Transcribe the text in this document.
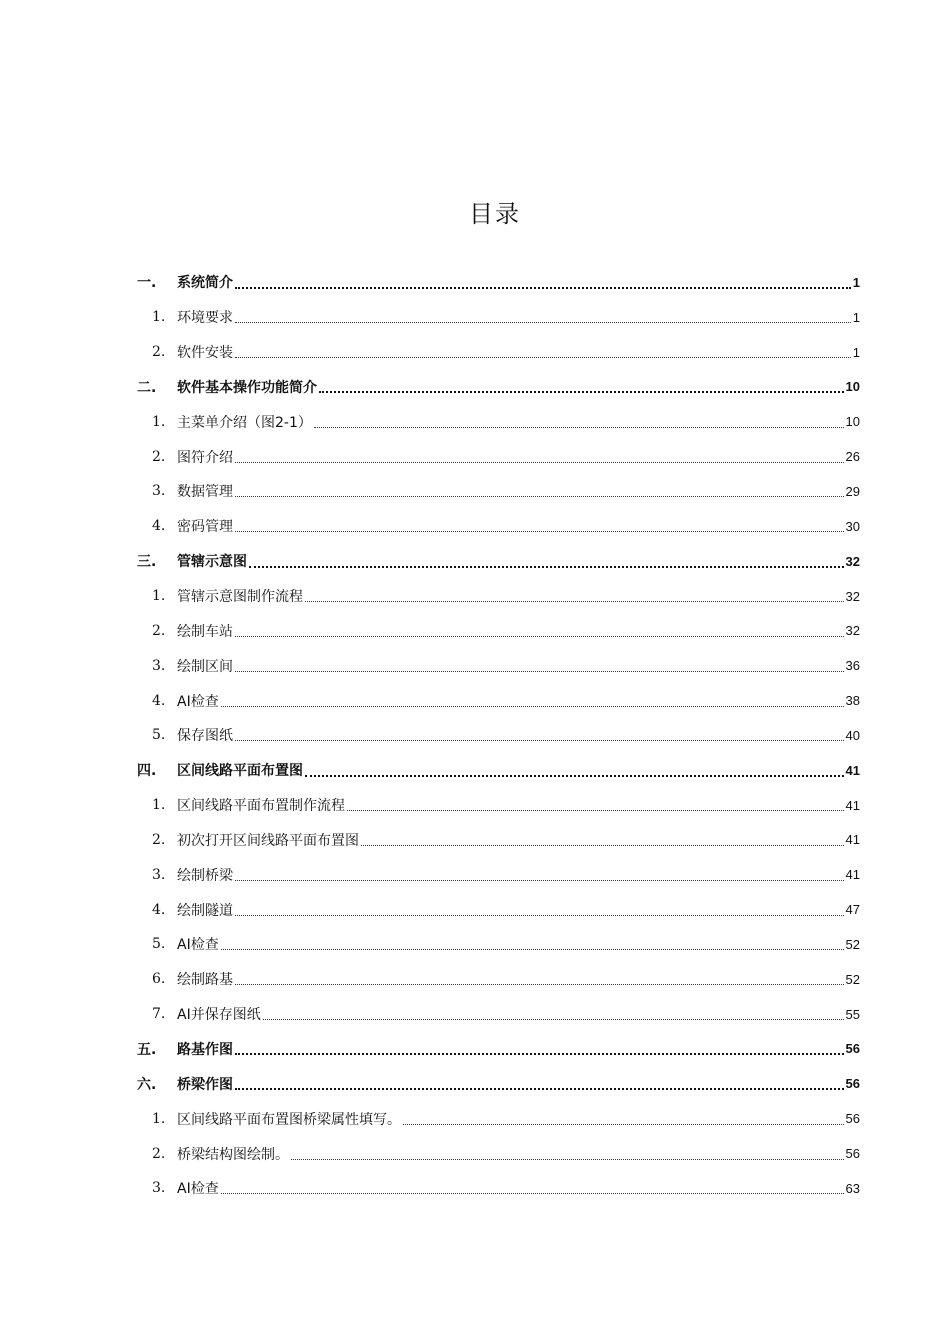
目录
一.	系统简介	1
1. 环境要求	1
2. 软件安装	1
二.	软件基本操作功能简介	10
1. 主菜单介绍（图2-1）	10
2. 图符介绍	26
3. 数据管理	29
4. 密码管理	30
三.	管辖示意图	32
1. 管辖示意图制作流程	32
2. 绘制车站	32
3. 绘制区间	36
4. AI检查	38
5. 保存图纸	40
四.	区间线路平面布置图	41
1. 区间线路平面布置制作流程	41
2. 初次打开区间线路平面布置图	41
3. 绘制桥梁	41
4. 绘制隧道	47
5. AI检查	52
6. 绘制路基	52
7. AI并保存图纸	55
五.	路基作图	56
六.	桥梁作图	56
1. 区间线路平面布置图桥梁属性填写。	56
2. 桥梁结构图绘制。	56
3. AI检查	63
